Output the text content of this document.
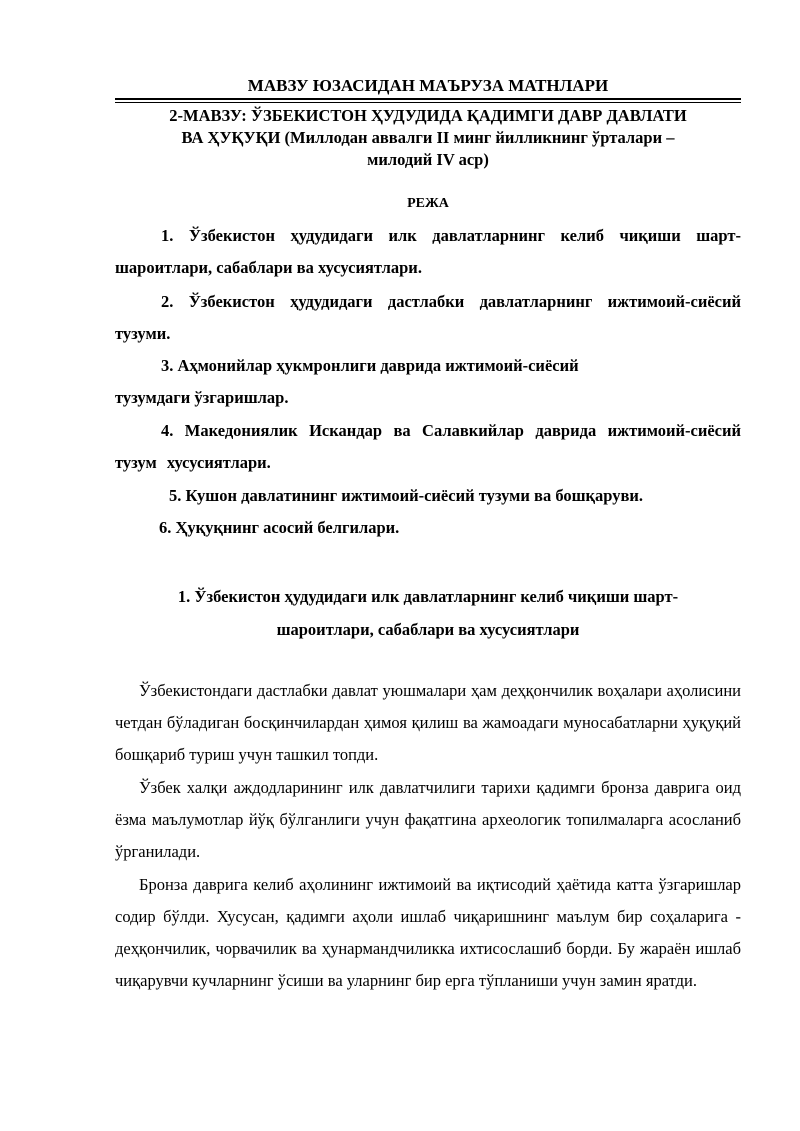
МАВЗУ ЮЗАСИДАН МАЪРУЗА МАТНЛАРИ
2-МАВЗУ: ЎЗБЕКИСТОН ҲУДУДИДА ҚАДИМГИ ДАВР ДАВЛАТИ
ВА ҲУҚУҚИ (Миллодан аввалги II минг йилликнинг ўрталари –
милодий IV аср)
РЕЖА
1. Ўзбекистон ҳудудидаги илк давлатларнинг келиб чиқиши шарт-шароитлари, сабаблари ва хусусиятлари.
2. Ўзбекистон ҳудудидаги дастлабки давлатларнинг ижтимоий-сиёсий тузуми.
3. Аҳмонийлар ҳукмронлиги даврида ижтимоий-сиёсий
тузумдаги ўзгаришлар.
4. Македониялик Искандар ва Салавкийлар даврида ижтимоий-сиёсий тузум хусусиятлари.
5. Кушон давлатининг ижтимоий-сиёсий тузуми ва бошқаруви.
6. Ҳуқуқнинг асосий белгилари.
1. Ўзбекистон ҳудудидаги илк давлатларнинг келиб чиқиши шарт-
шароитлари, сабаблари ва хусусиятлари
Ўзбекистондаги дастлабки давлат уюшмалари ҳам деҳқончилик воҳалари аҳолисини четдан бўладиган босқинчилардан ҳимоя қилиш ва жамоадаги муносабатларни ҳуқуқий бошқариб туриш учун ташкил топди.
Ўзбек халқи аждодларининг илк давлатчилиги тарихи қадимги бронза даврига оид ёзма маълумотлар йўқ бўлганлиги учун фақатгина археологик топилмаларга асосланиб ўрганилади.
Бронза даврига келиб аҳолининг ижтимоий ва иқтисодий ҳаётида катта ўзгаришлар содир бўлди. Хусусан, қадимги аҳоли ишлаб чиқаришнинг маълум бир соҳаларига - деҳқончилик, чорвачилик ва ҳунармандчиликка ихтисослашиб борди. Бу жараён ишлаб чиқарувчи кучларнинг ўсиши ва уларнинг бир ерга тўпланиши учун замин яратди.
